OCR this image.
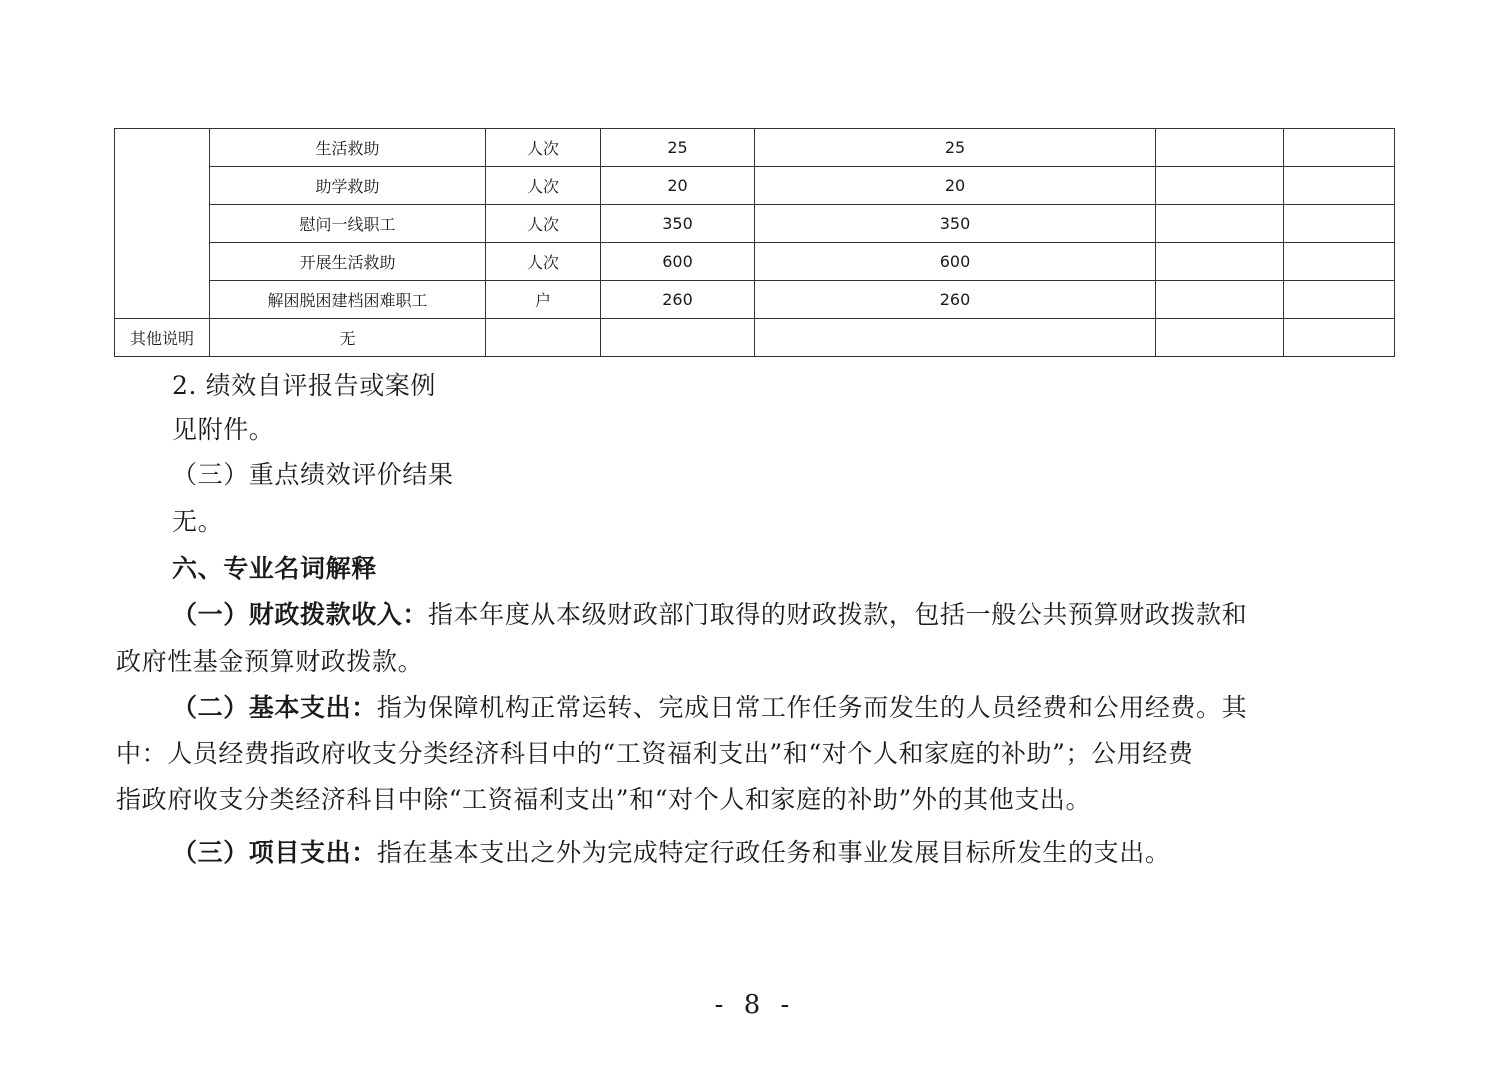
	生活救助	人次	25	25		
	助学救助	人次	20	20		
	慰问一线职工	人次	350	350		
	开展生活救助	人次	600	600		
	解困脱困建档困难职工	户	260	260		
其他说明	无					
2. 绩效自评报告或案例
见附件。
（三）重点绩效评价结果
无。
六、专业名词解释
（一）财政拨款收入：指本年度从本级财政部门取得的财政拨款，包括一般公共预算财政拨款和
政府性基金预算财政拨款。
（二）基本支出：指为保障机构正常运转、完成日常工作任务而发生的人员经费和公用经费。其
中：人员经费指政府收支分类经济科目中的“工资福利支出”和“对个人和家庭的补助”；公用经费
指政府收支分类经济科目中除“工资福利支出”和“对个人和家庭的补助”外的其他支出。
（三）项目支出：指在基本支出之外为完成特定行政任务和事业发展目标所发生的支出。
- 8 -
